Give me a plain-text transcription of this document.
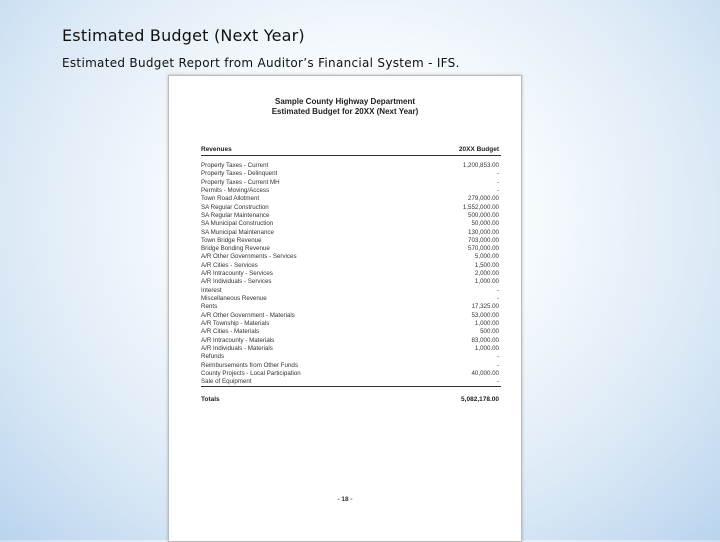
Estimated Budget (Next Year)
Estimated Budget Report from Auditor’s Financial System - IFS.
Sample County Highway Department
Estimated Budget for 20XX (Next Year)
Revenues	20XX Budget
Property Taxes - Current	1,200,853.00
Property Taxes - Delinquent	-
Property Taxes - Current MH	-
Permits - Moving/Access	-
Town Road Allotment	279,000.00
SA Regular Construction	1,552,000.00
SA Regular Maintenance	500,000.00
SA Municipal Construction	50,000.00
SA Municipal Maintenance	130,000.00
Town Bridge Revenue	703,000.00
Bridge Bonding Revenue	570,000.00
A/R Other Governments - Services	5,000.00
A/R Cities - Services	1,500.00
A/R Intracounty - Services	2,000.00
A/R Individuals - Services	1,000.00
Interest	-
Miscellaneous Revenue	-
Rents	17,325.00
A/R Other Government - Materials	53,000.00
A/R Township - Materials	1,000.00
A/R Cities - Materials	500.00
A/R Intracounty - Materials	83,000.00
A/R Individuals - Materials	1,000.00
Refunds	-
Reimbursements from Other Funds	-
County Projects - Local Participation	40,000.00
Sale of Equipment	-
Totals	5,082,178.00
- 18 -
